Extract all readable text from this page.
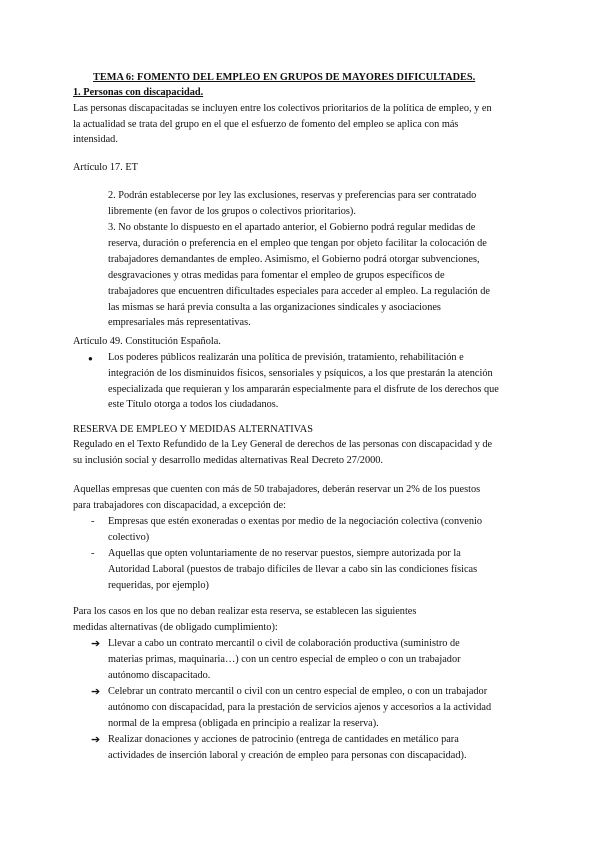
TEMA 6: FOMENTO DEL EMPLEO EN GRUPOS DE MAYORES DIFICULTADES.
1. Personas con discapacidad.
Las personas discapacitadas se incluyen entre los colectivos prioritarios de la política de empleo, y en
la actualidad se trata del grupo en el que el esfuerzo de fomento del empleo se aplica con más
intensidad.
Artículo 17. ET
2. Podrán establecerse por ley las exclusiones, reservas y preferencias para ser contratado
libremente (en favor de los grupos o colectivos prioritarios).
3. No obstante lo dispuesto en el apartado anterior, el Gobierno podrá regular medidas de
reserva, duración o preferencia en el empleo que tengan por objeto facilitar la colocación de
trabajadores demandantes de empleo. Asimismo, el Gobierno podrá otorgar subvenciones,
desgravaciones y otras medidas para fomentar el empleo de grupos específicos de
trabajadores que encuentren dificultades especiales para acceder al empleo. La regulación de
las mismas se hará previa consulta a las organizaciones sindicales y asociaciones
empresariales más representativas.
Artículo 49. Constitución Española.
● Los poderes públicos realizarán una política de previsión, tratamiento, rehabilitación e
integración de los disminuidos físicos, sensoriales y psíquicos, a los que prestarán la atención
especializada que requieran y los ampararán especialmente para el disfrute de los derechos que
este Título otorga a todos los ciudadanos.
RESERVA DE EMPLEO Y MEDIDAS ALTERNATIVAS
Regulado en el Texto Refundido de la Ley General de derechos de las personas con discapacidad y de
su inclusión social y desarrollo medidas alternativas Real Decreto 27/2000.
Aquellas empresas que cuenten con más de 50 trabajadores, deberán reservar un 2% de los puestos
para trabajadores con discapacidad, a excepción de:
- Empresas que estén exoneradas o exentas por medio de la negociación colectiva (convenio
colectivo)
- Aquellas que opten voluntariamente de no reservar puestos, siempre autorizada por la
Autoridad Laboral (puestos de trabajo difíciles de llevar a cabo sin las condiciones físicas
requeridas, por ejemplo)
Para los casos en los que no deban realizar esta reserva, se establecen las siguientes
medidas alternativas (de obligado cumplimiento):
➔ Llevar a cabo un contrato mercantil o civil de colaboración productiva (suministro de
materias primas, maquinaria…) con un centro especial de empleo o con un trabajador
autónomo discapacitado.
➔ Celebrar un contrato mercantil o civil con un centro especial de empleo, o con un trabajador
autónomo con discapacidad, para la prestación de servicios ajenos y accesorios a la actividad
normal de la empresa (obligada en principio a realizar la reserva).
➔ Realizar donaciones y acciones de patrocinio (entrega de cantidades en metálico para
actividades de inserción laboral y creación de empleo para personas con discapacidad).
